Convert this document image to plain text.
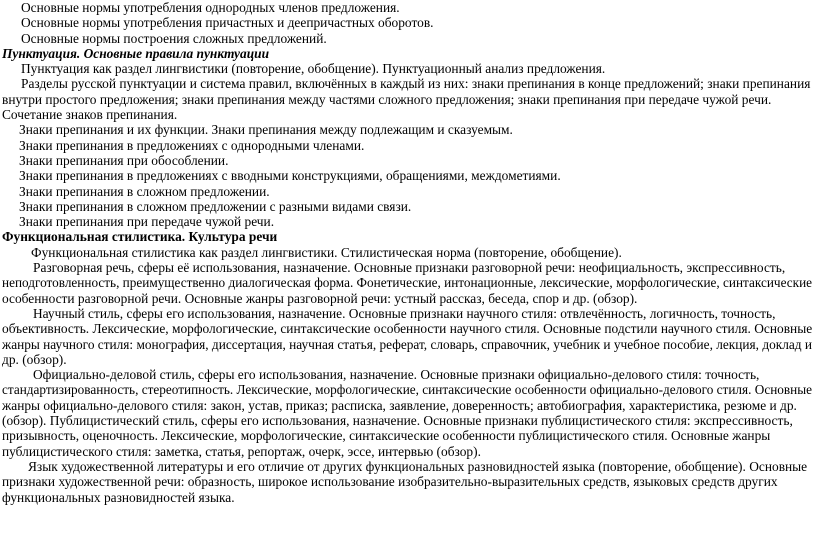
Основные нормы употребления однородных членов предложения.
Основные нормы употребления причастных и деепричастных оборотов.
Основные нормы построения сложных предложений.
Пунктуация. Основные правила пунктуации
Пунктуация как раздел лингвистики (повторение, обобщение). Пунктуационный анализ предложения.
Разделы русской пунктуации и система правил, включённых в каждый из них: знаки препинания в конце предложений; знаки препинания
внутри простого предложения; знаки препинания между частями сложного предложения; знаки препинания при передаче чужой речи.
Сочетание знаков препинания.
Знаки препинания и их функции. Знаки препинания между подлежащим и сказуемым.
Знаки препинания в предложениях с однородными членами.
Знаки препинания при обособлении.
Знаки препинания в предложениях с вводными конструкциями, обращениями, междометиями.
Знаки препинания в сложном предложении.
Знаки препинания в сложном предложении с разными видами связи.
Знаки препинания при передаче чужой речи.
Функциональная стилистика. Культура речи
Функциональная стилистика как раздел лингвистики. Стилистическая норма (повторение, обобщение).
Разговорная речь, сферы её использования, назначение. Основные признаки разговорной речи: неофициальность, экспрессивность,
неподготовленность, преимущественно диалогическая форма. Фонетические, интонационные, лексические, морфологические, синтаксические
особенности разговорной речи. Основные жанры разговорной речи: устный рассказ, беседа, спор и др. (обзор).
Научный стиль, сферы его использования, назначение. Основные признаки научного стиля: отвлечённость, логичность, точность,
объективность. Лексические, морфологические, синтаксические особенности научного стиля. Основные подстили научного стиля. Основные
жанры научного стиля: монография, диссертация, научная статья, реферат, словарь, справочник, учебник и учебное пособие, лекция, доклад и
др. (обзор).
Официально-деловой стиль, сферы его использования, назначение. Основные признаки официально-делового стиля: точность,
стандартизированность, стереотипность. Лексические, морфологические, синтаксические особенности официально-делового стиля. Основные
жанры официально-делового стиля: закон, устав, приказ; расписка, заявление, доверенность; автобиография, характеристика, резюме и др.
(обзор). Публицистический стиль, сферы его использования, назначение. Основные признаки публицистического стиля: экспрессивность,
призывность, оценочность. Лексические, морфологические, синтаксические особенности публицистического стиля. Основные жанры
публицистического стиля: заметка, статья, репортаж, очерк, эссе, интервью (обзор).
Язык художественной литературы и его отличие от других функциональных разновидностей языка (повторение, обобщение). Основные
признаки художественной речи: образность, широкое использование изобразительно-выразительных средств, языковых средств других
функциональных разновидностей языка.
